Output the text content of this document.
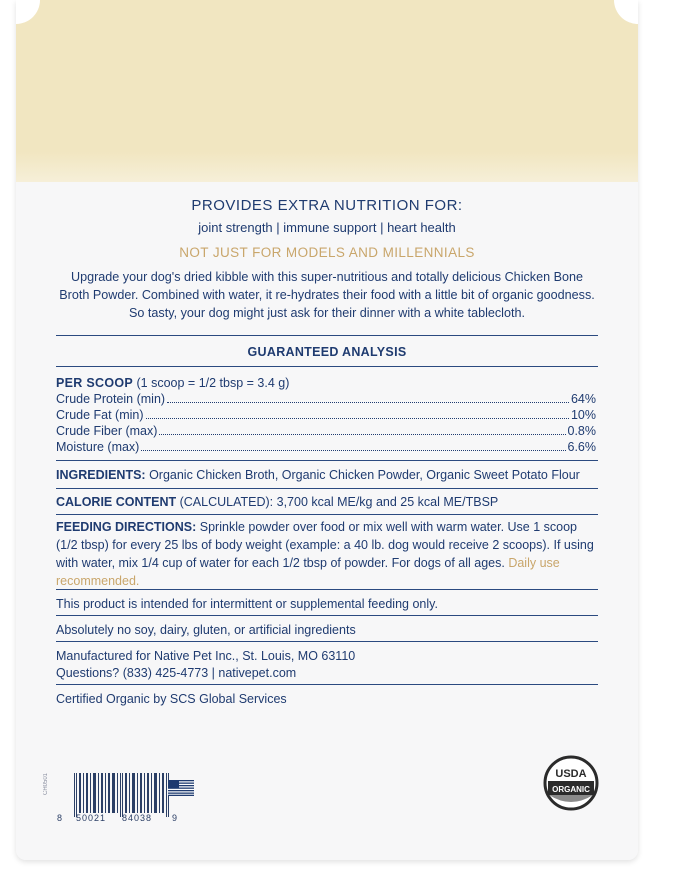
PROVIDES EXTRA NUTRITION FOR:
joint strength | immune support | heart health
NOT JUST FOR MODELS AND MILLENNIALS
Upgrade your dog's dried kibble with this super-nutritious and totally delicious Chicken Bone Broth Powder. Combined with water, it re-hydrates their food with a little bit of organic goodness. So tasty, your dog might just ask for their dinner with a white tablecloth.
GUARANTEED ANALYSIS
PER SCOOP (1 scoop = 1/2 tbsp = 3.4 g)
Crude Protein (min)	64%
Crude Fat (min)	10%
Crude Fiber (max)	0.8%
Moisture (max)	6.6%
INGREDIENTS: Organic Chicken Broth, Organic Chicken Powder, Organic Sweet Potato Flour
CALORIE CONTENT (CALCULATED): 3,700 kcal ME/kg and 25 kcal ME/TBSP
FEEDING DIRECTIONS: Sprinkle powder over food or mix well with warm water. Use 1 scoop (1/2 tbsp) for every 25 lbs of body weight (example: a 40 lb. dog would receive 2 scoops). If using with water, mix 1/4 cup of water for each 1/2 tbsp of powder. For dogs of all ages. Daily use recommended.
This product is intended for intermittent or supplemental feeding only.
Absolutely no soy, dairy, gluten, or artificial ingredients
Manufactured for Native Pet Inc., St. Louis, MO 63110
Questions? (833) 425-4773 | nativepet.com
Certified Organic by SCS Global Services
CH0501
8 50021 84038 9
USDA
ORGANIC
